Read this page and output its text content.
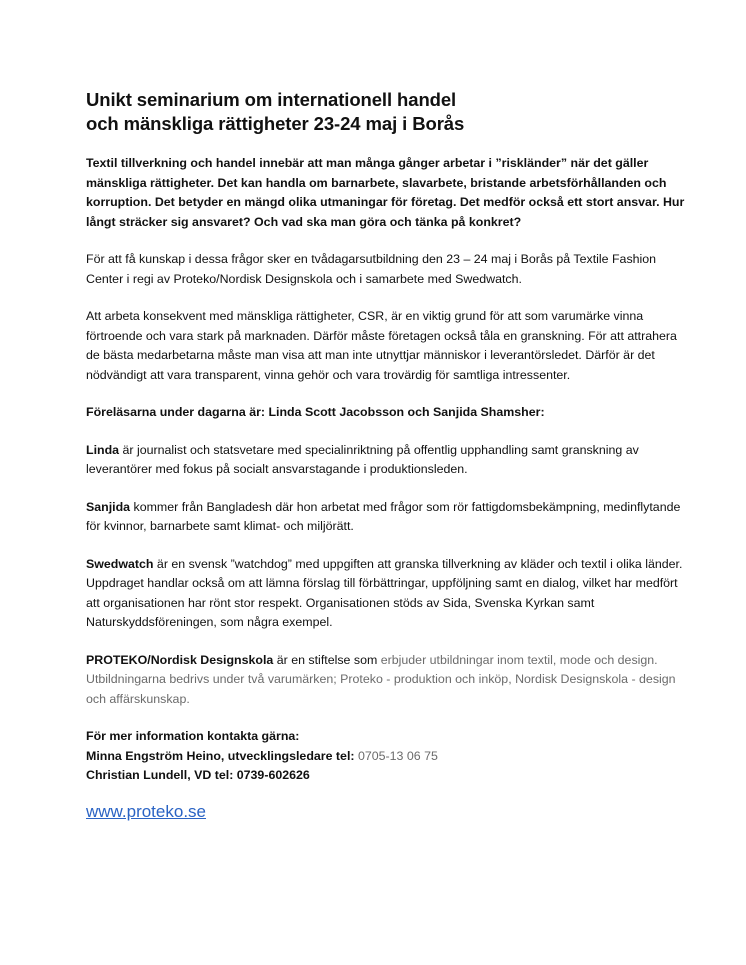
Unikt seminarium om internationell handel
och mänskliga rättigheter 23-24 maj i Borås
Textil tillverkning och handel innebär att man många gånger arbetar i ”riskländer” när det gäller mänskliga rättigheter. Det kan handla om barnarbete, slavarbete, bristande arbetsförhållanden och korruption. Det betyder en mängd olika utmaningar för företag. Det medför också ett stort ansvar. Hur långt sträcker sig ansvaret? Och vad ska man göra och tänka på konkret?

För att få kunskap i dessa frågor sker en tvådagarsutbildning den 23 – 24 maj i Borås på Textile Fashion Center i regi av Proteko/Nordisk Designskola och i samarbete med Swedwatch.

Att arbeta konsekvent med mänskliga rättigheter, CSR, är en viktig grund för att som varumärke vinna förtroende och vara stark på marknaden. Därför måste företagen också tåla en granskning. För att attrahera de bästa medarbetarna måste man visa att man inte utnyttjar människor i leverantörsledet. Därför är det nödvändigt att vara transparent, vinna gehör och vara trovärdig för samtliga intressenter.

Föreläsarna under dagarna är: Linda Scott Jacobsson och Sanjida Shamsher:

Linda är journalist och statsvetare med specialinriktning på offentlig upphandling samt granskning av leverantörer med fokus på socialt ansvarstagande i produktionsleden.

Sanjida kommer från Bangladesh där hon arbetat med frågor som rör fattigdomsbekämpning, medinflytande för kvinnor, barnarbete samt klimat- och miljörätt.

Swedwatch är en svensk ”watchdog” med uppgiften att granska tillverkning av kläder och textil i olika länder. Uppdraget handlar också om att lämna förslag till förbättringar, uppföljning samt en dialog, vilket har medfört att organisationen har rönt stor respekt. Organisationen stöds av Sida, Svenska Kyrkan samt Naturskyddsföreningen, som några exempel.

PROTEKO/Nordisk Designskola är en stiftelse som erbjuder utbildningar inom textil, mode och design. Utbildningarna bedrivs under två varumärken; Proteko - produktion och inköp, Nordisk Designskola - design och affärskunskap.

För mer information kontakta gärna:

Minna Engström Heino, utvecklingsledare tel: 0705-13 06 75

Christian Lundell, VD tel: 0739-602626

www.proteko.se
